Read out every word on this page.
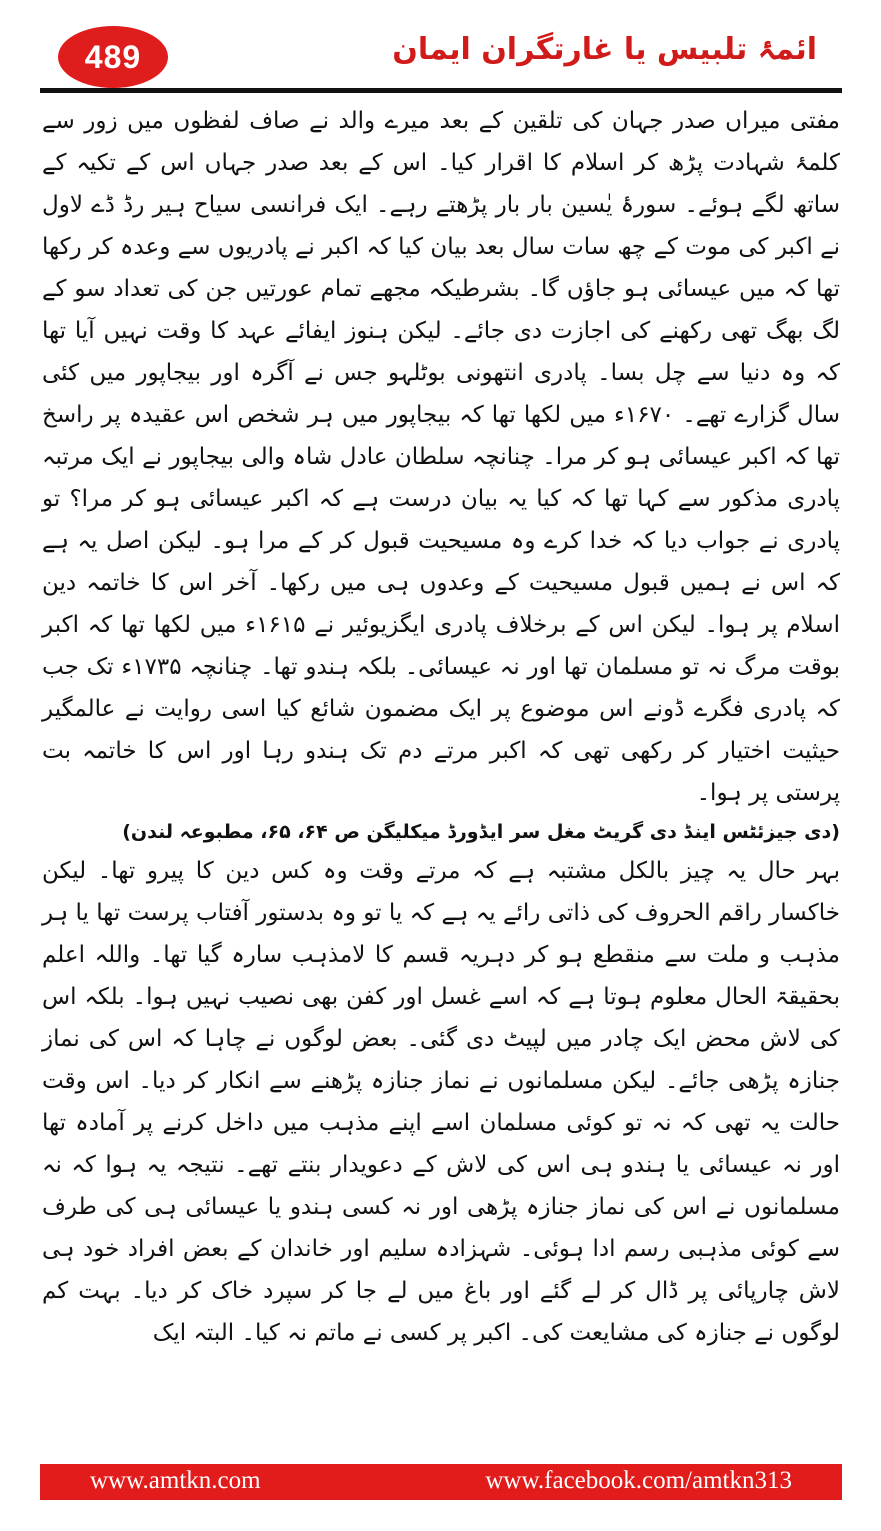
489	ائمۂ تلبیس یا غارتگران ایمان

مفتی میراں صدر جہان کی تلقین کے بعد میرے والد نے صاف لفظوں میں زور سے کلمۂ شہادت پڑھ کر اسلام کا اقرار کیا۔ اس کے بعد صدر جہاں اس کے تکیہ کے ساتھ لگے ہوئے۔ سورۂ یٰسین بار بار پڑھتے رہے۔ ایک فرانسی سیاح ہیر رڈ ڈے لاول نے اکبر کی موت کے چھ سات سال بعد بیان کیا کہ اکبر نے پادریوں سے وعدہ کر رکھا تھا کہ میں عیسائی ہو جاؤں گا۔ بشرطیکہ مجھے تمام عورتیں جن کی تعداد سو کے لگ بھگ تھی رکھنے کی اجازت دی جائے۔ لیکن ہنوز ایفائے عہد کا وقت نہیں آیا تھا کہ وہ دنیا سے چل بسا۔ پادری انتھونی بوٹلہو جس نے آگرہ اور بیجاپور میں کئی سال گزارے تھے۔ ۱۶۷۰ء میں لکھا تھا کہ بیجاپور میں ہر شخص اس عقیدہ پر راسخ تھا کہ اکبر عیسائی ہو کر مرا۔ چنانچہ سلطان عادل شاہ والی بیجاپور نے ایک مرتبہ پادری مذکور سے کہا تھا کہ کیا یہ بیان درست ہے کہ اکبر عیسائی ہو کر مرا؟ تو پادری نے جواب دیا کہ خدا کرے وہ مسیحیت قبول کر کے مرا ہو۔ لیکن اصل یہ ہے کہ اس نے ہمیں قبول مسیحیت کے وعدوں ہی میں رکھا۔ آخر اس کا خاتمہ دین اسلام پر ہوا۔ لیکن اس کے برخلاف پادری ایگزیوئیر نے ۱۶۱۵ء میں لکھا تھا کہ اکبر بوقت مرگ نہ تو مسلمان تھا اور نہ عیسائی۔ بلکہ ہندو تھا۔ چنانچہ ۱۷۳۵ء تک جب کہ پادری فگرے ڈونے اس موضوع پر ایک مضمون شائع کیا اسی روایت نے عالمگیر حیثیت اختیار کر رکھی تھی کہ اکبر مرتے دم تک ہندو رہا اور اس کا خاتمہ بت پرستی پر ہوا۔

(دی جیزئٹس اینڈ دی گریٹ مغل سر ایڈورڈ میکلیگن ص ۶۴، ۶۵، مطبوعہ لندن)

بہر حال یہ چیز بالکل مشتبہ ہے کہ مرتے وقت وہ کس دین کا پیرو تھا۔ لیکن خاکسار راقم الحروف کی ذاتی رائے یہ ہے کہ یا تو وہ بدستور آفتاب پرست تھا یا ہر مذہب و ملت سے منقطع ہو کر دہریہ قسم کا لامذہب سارہ گیا تھا۔ واللہ اعلم بحقیقۃ الحال معلوم ہوتا ہے کہ اسے غسل اور کفن بھی نصیب نہیں ہوا۔ بلکہ اس کی لاش محض ایک چادر میں لپیٹ دی گئی۔ بعض لوگوں نے چاہا کہ اس کی نماز جنازہ پڑھی جائے۔ لیکن مسلمانوں نے نماز جنازہ پڑھنے سے انکار کر دیا۔ اس وقت حالت یہ تھی کہ نہ تو کوئی مسلمان اسے اپنے مذہب میں داخل کرنے پر آمادہ تھا اور نہ عیسائی یا ہندو ہی اس کی لاش کے دعویدار بنتے تھے۔ نتیجہ یہ ہوا کہ نہ مسلمانوں نے اس کی نماز جنازہ پڑھی اور نہ کسی ہندو یا عیسائی ہی کی طرف سے کوئی مذہبی رسم ادا ہوئی۔ شہزادہ سلیم اور خاندان کے بعض افراد خود ہی لاش چارپائی پر ڈال کر لے گئے اور باغ میں لے جا کر سپرد خاک کر دیا۔ بہت کم لوگوں نے جنازہ کی مشایعت کی۔ اکبر پر کسی نے ماتم نہ کیا۔ البتہ ایک

www.amtkn.com	www.facebook.com/amtkn313
